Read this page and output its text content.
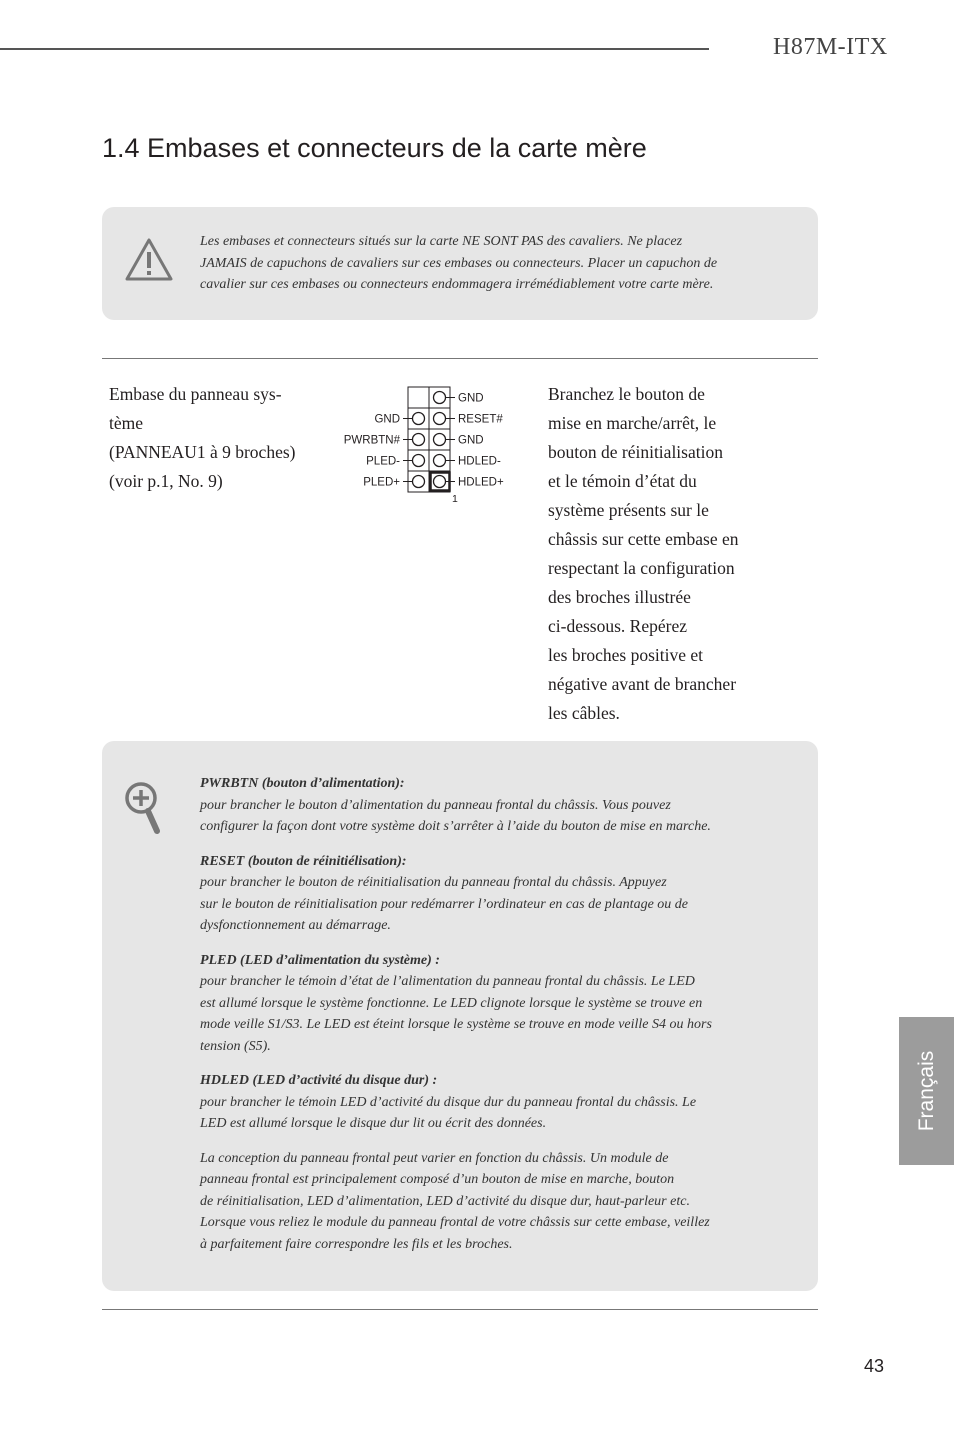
H87M-ITX
1.4 Embases et connecteurs de la carte mère
Les embases et connecteurs situés sur la carte NE SONT PAS des cavaliers. Ne placez
JAMAIS de capuchons de cavaliers sur ces embases ou connecteurs. Placer un capuchon de
cavalier sur ces embases ou connecteurs endommagera irrémédiablement votre carte mère.
Embase du panneau sys-
tème
(PANNEAU1 à 9 broches)
(voir p.1, No. 9)
GND
PWRBTN#
PLED-
PLED+
GND
RESET#
GND
HDLED-
HDLED+
1
Branchez le bouton de
mise en marche/arrêt, le
bouton de réinitialisation
et le témoin d’état du
système présents sur le
châssis sur cette embase en
respectant la configuration
des broches illustrée
ci-dessous. Repérez
les broches positive et
négative avant de brancher
les câbles.
PWRBTN (bouton d’alimentation):
pour brancher le bouton d’alimentation du panneau frontal du châssis. Vous pouvez
configurer la façon dont votre système doit s’arrêter à l’aide du bouton de mise en marche.
RESET (bouton de réinitiélisation):
pour brancher le bouton de réinitialisation du panneau frontal du châssis. Appuyez
sur le bouton de réinitialisation pour redémarrer l’ordinateur en cas de plantage ou de
dysfonctionnement au démarrage.
PLED (LED d’alimentation du système) :
pour brancher le témoin d’état de l’alimentation du panneau frontal du châssis. Le LED
est allumé lorsque le système fonctionne. Le LED clignote lorsque le système se trouve en
mode veille S1/S3. Le LED est éteint lorsque le système se trouve en mode veille S4 ou hors
tension (S5).
HDLED (LED d’activité du disque dur) :
pour brancher le témoin LED d’activité du disque dur du panneau frontal du châssis. Le
LED est allumé lorsque le disque dur lit ou écrit des données.
La conception du panneau frontal peut varier en fonction du châssis. Un module de
panneau frontal est principalement composé d’un bouton de mise en marche, bouton
de réinitialisation, LED d’alimentation, LED d’activité du disque dur, haut-parleur etc.
Lorsque vous reliez le module du panneau frontal de votre châssis sur cette embase, veillez
à parfaitement faire correspondre les fils et les broches.
Français
43
